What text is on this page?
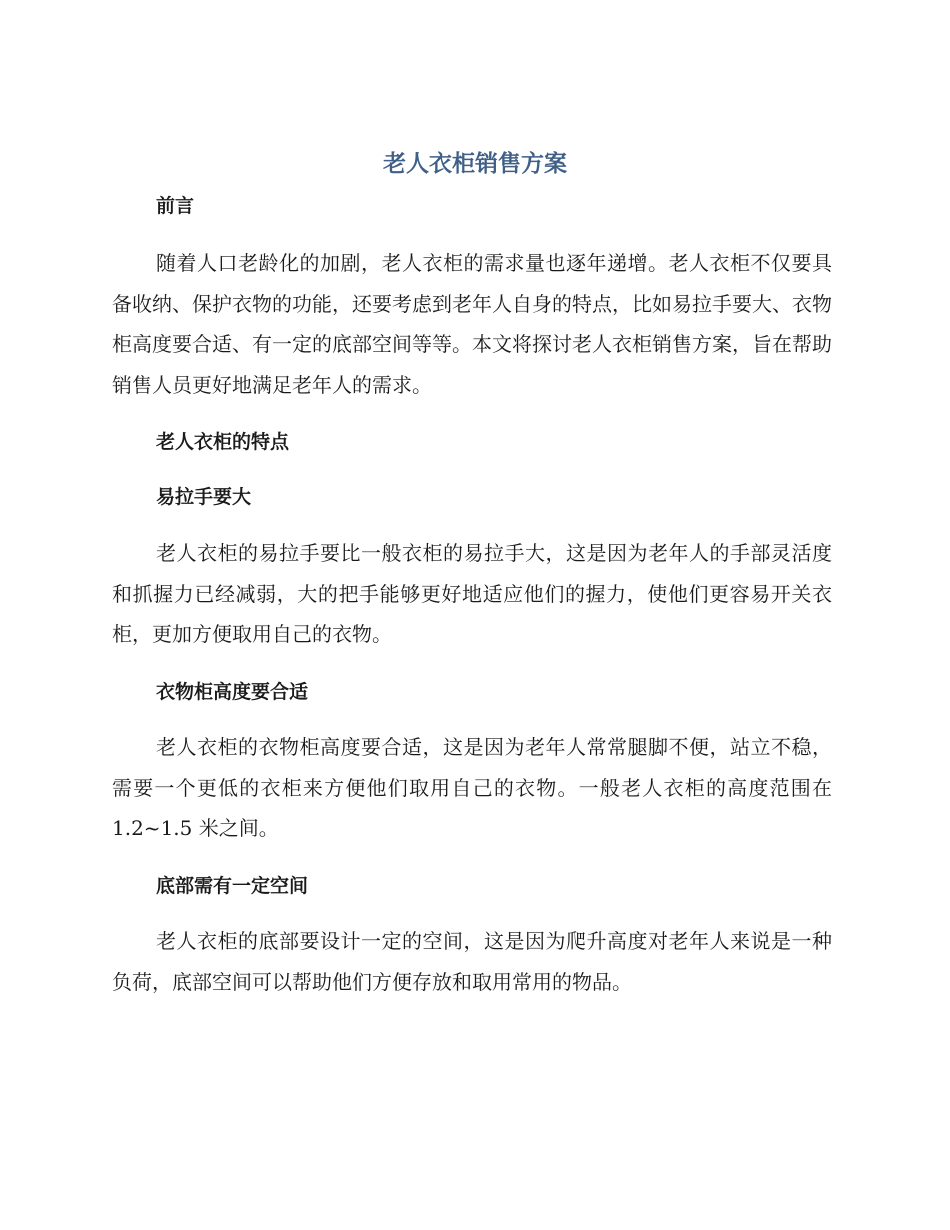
老人衣柜销售方案
前言

随着人口老龄化的加剧，老人衣柜的需求量也逐年递增。老人衣柜不仅要具备收纳、保护衣物的功能，还要考虑到老年人自身的特点，比如易拉手要大、衣物柜高度要合适、有一定的底部空间等等。本文将探讨老人衣柜销售方案，旨在帮助销售人员更好地满足老年人的需求。

老人衣柜的特点
易拉手要大

老人衣柜的易拉手要比一般衣柜的易拉手大，这是因为老年人的手部灵活度和抓握力已经减弱，大的把手能够更好地适应他们的握力，使他们更容易开关衣柜，更加方便取用自己的衣物。

衣物柜高度要合适

老人衣柜的衣物柜高度要合适，这是因为老年人常常腿脚不便，站立不稳，需要一个更低的衣柜来方便他们取用自己的衣物。一般老人衣柜的高度范围在 1.2~1.5 米之间。

底部需有一定空间

老人衣柜的底部要设计一定的空间，这是因为爬升高度对老年人来说是一种负荷，底部空间可以帮助他们方便存放和取用常用的物品。
